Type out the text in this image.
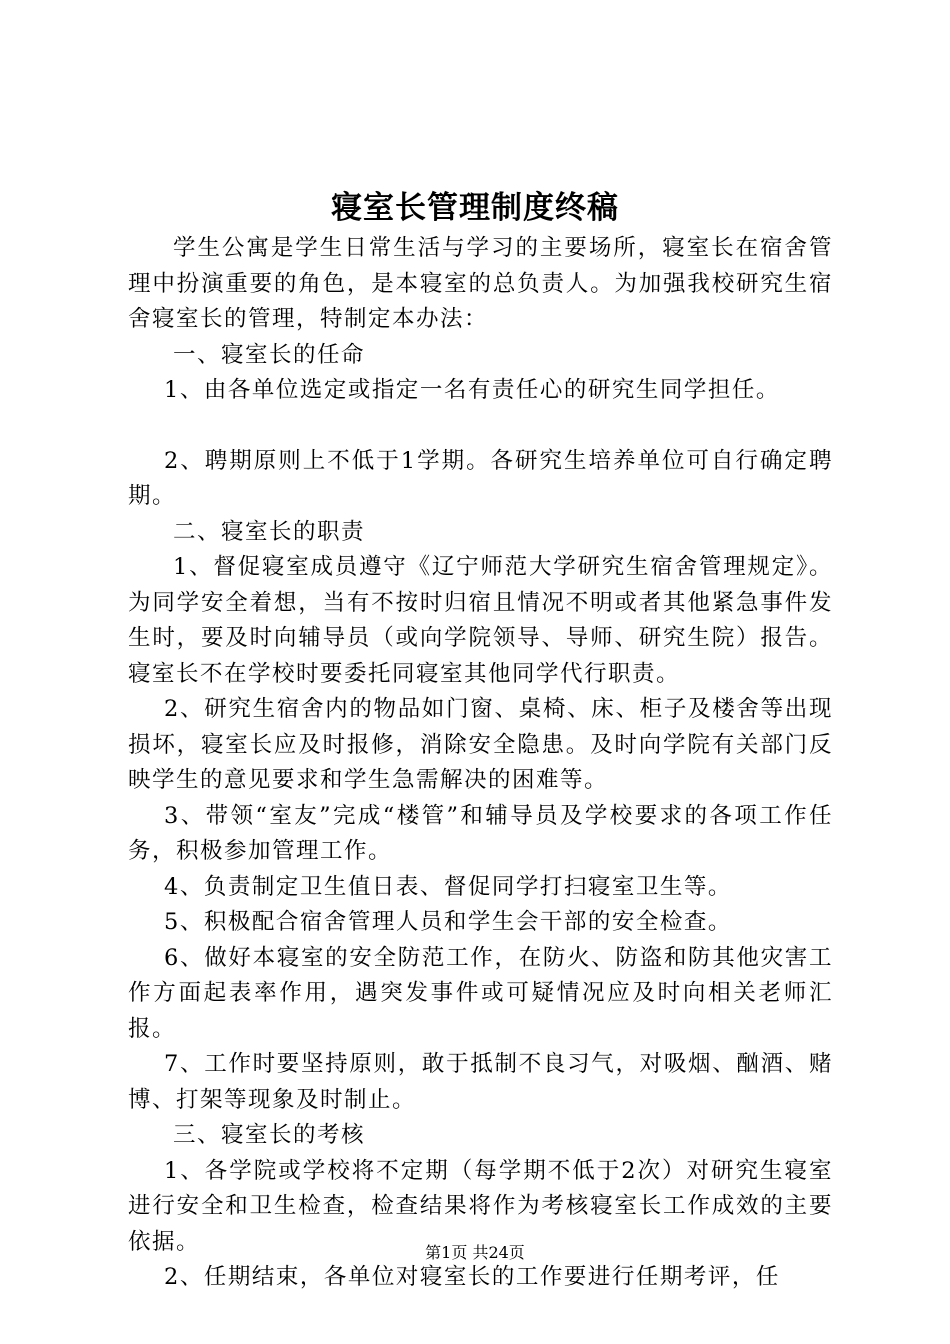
寝室长管理制度终稿

学生公寓是学生日常生活与学习的主要场所，寝室长在宿舍管理中扮演重要的角色，是本寝室的总负责人。为加强我校研究生宿舍寝室长的管理，特制定本办法：

一、寝室长的任命

1、由各单位选定或指定一名有责任心的研究生同学担任。

2、聘期原则上不低于1学期。各研究生培养单位可自行确定聘期。

二、寝室长的职责

1、督促寝室成员遵守《辽宁师范大学研究生宿舍管理规定》。为同学安全着想，当有不按时归宿且情况不明或者其他紧急事件发生时，要及时向辅导员（或向学院领导、导师、研究生院）报告。寝室长不在学校时要委托同寝室其他同学代行职责。

2、研究生宿舍内的物品如门窗、桌椅、床、柜子及楼舍等出现损坏，寝室长应及时报修，消除安全隐患。及时向学院有关部门反映学生的意见要求和学生急需解决的困难等。

3、带领“室友”完成“楼管”和辅导员及学校要求的各项工作任务，积极参加管理工作。

4、负责制定卫生值日表、督促同学打扫寝室卫生等。

5、积极配合宿舍管理人员和学生会干部的安全检查。

6、做好本寝室的安全防范工作，在防火、防盗和防其他灾害工作方面起表率作用，遇突发事件或可疑情况应及时向相关老师汇报。

7、工作时要坚持原则，敢于抵制不良习气，对吸烟、酗酒、赌博、打架等现象及时制止。

三、寝室长的考核

1、各学院或学校将不定期（每学期不低于2次）对研究生寝室进行安全和卫生检查，检查结果将作为考核寝室长工作成效的主要依据。

2、任期结束，各单位对寝室长的工作要进行任期考评，任

第1页 共24页
